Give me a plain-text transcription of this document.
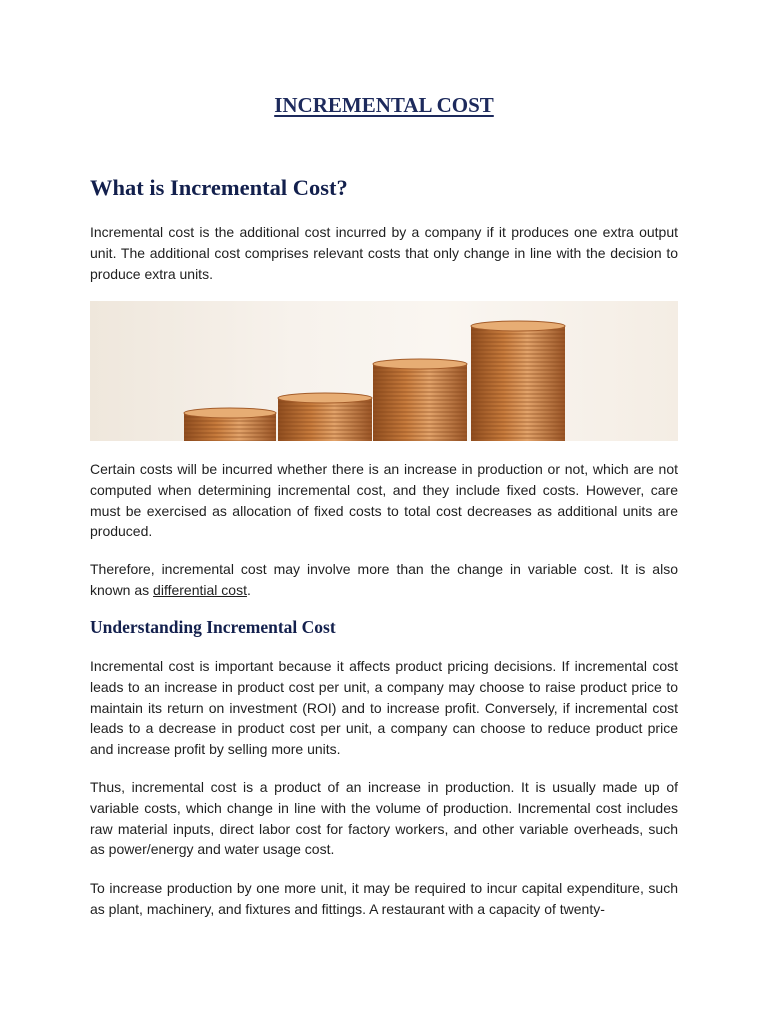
INCREMENTAL COST
What is Incremental Cost?

Incremental cost is the additional cost incurred by a company if it produces one extra output unit. The additional cost comprises relevant costs that only change in line with the decision to produce extra units.

Certain costs will be incurred whether there is an increase in production or not, which are not computed when determining incremental cost, and they include fixed costs. However, care must be exercised as allocation of fixed costs to total cost decreases as additional units are produced.

Therefore, incremental cost may involve more than the change in variable cost. It is also known as differential cost.

Understanding Incremental Cost

Incremental cost is important because it affects product pricing decisions. If incremental cost leads to an increase in product cost per unit, a company may choose to raise product price to maintain its return on investment (ROI) and to increase profit. Conversely, if incremental cost leads to a decrease in product cost per unit, a company can choose to reduce product price and increase profit by selling more units.

Thus, incremental cost is a product of an increase in production. It is usually made up of variable costs, which change in line with the volume of production. Incremental cost includes raw material inputs, direct labor cost for factory workers, and other variable overheads, such as power/energy and water usage cost.

To increase production by one more unit, it may be required to incur capital expenditure, such as plant, machinery, and fixtures and fittings. A restaurant with a capacity of twenty-
